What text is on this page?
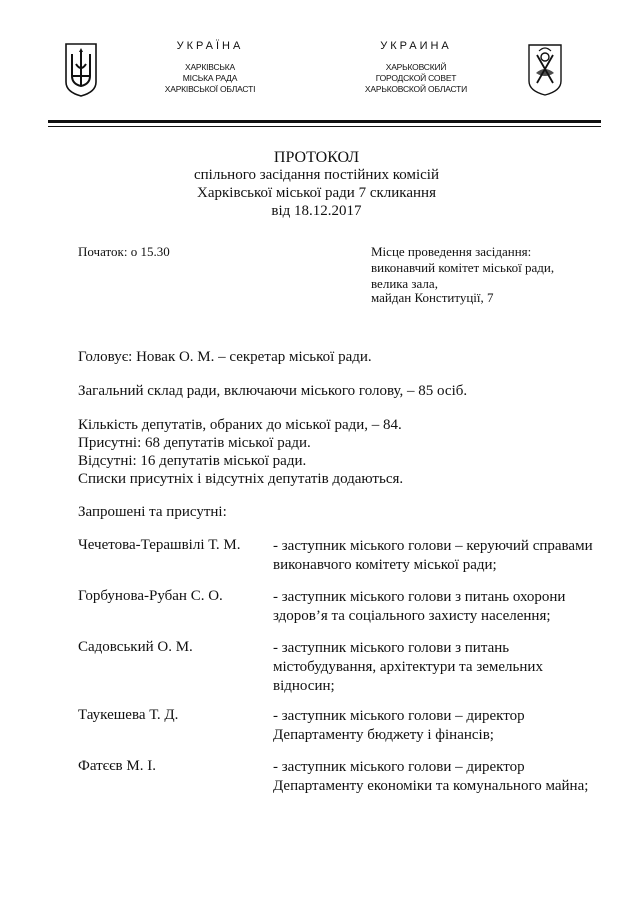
УКРАЇНА
ХАРКІВСЬКА
МІСЬКА РАДА
ХАРКІВСЬКОЇ ОБЛАСТІ
УКРАИНА
ХАРЬКОВСКИЙ
ГОРОДСКОЙ СОВЕТ
ХАРЬКОВСКОЙ ОБЛАСТИ
ПРОТОКОЛ
спільного засідання постійних комісій
Харківської міської ради 7 скликання
від 18.12.2017
Початок: о 15.30	Місце проведення засідання:
виконавчий комітет міської ради,
велика зала,
майдан Конституції, 7
Головує: Новак О. М. – секретар міської ради.
Загальний склад ради, включаючи міського голову, – 85 осіб.
Кількість депутатів, обраних до міської ради, – 84.
Присутні: 68 депутатів міської ради.
Відсутні: 16 депутатів міської ради.
Списки присутніх і відсутніх депутатів додаються.
Запрошені та присутні:
Чечетова-Терашвілі Т. М. - заступник міського голови – керуючий справами
виконавчого комітету міської ради;
Горбунова-Рубан С. О.	- заступник міського голови з питань охорони
здоров’я та соціального захисту населення;
Садовський О. М.	- заступник міського голови з питань
містобудування, архітектури та земельних
відносин;
Таукешева Т. Д.	- заступник міського голови – директор
Департаменту бюджету і фінансів;
Фатєєв М. І.	- заступник міського голови – директор
Департаменту економіки та комунального майна;
